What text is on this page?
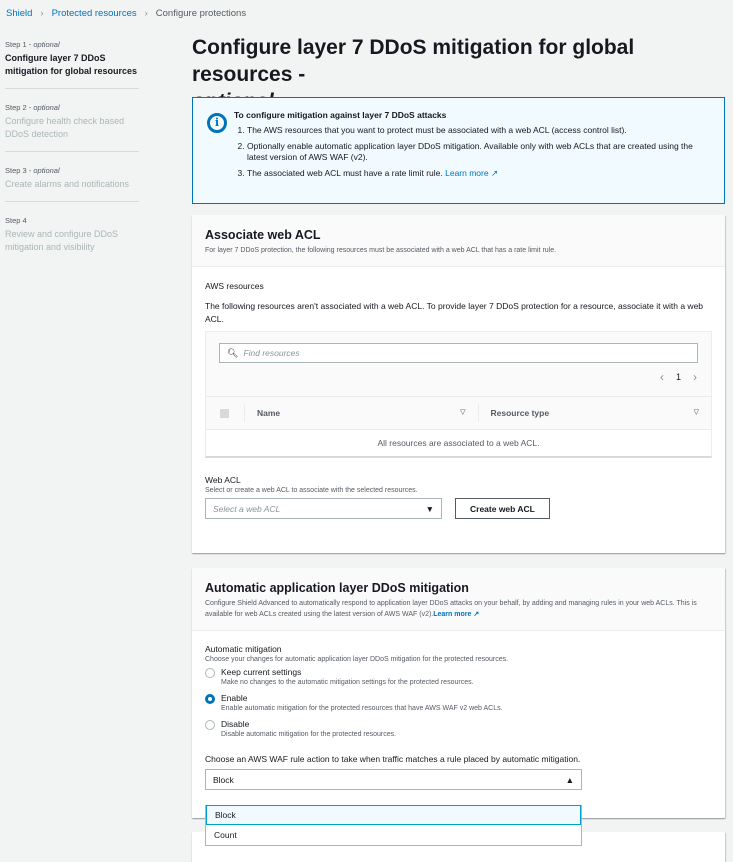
Shield › Protected resources › Configure protections
Step 1 - optional
Configure layer 7 DDoS mitigation for global resources
Step 2 - optional
Configure health check based DDoS detection
Step 3 - optional
Create alarms and notifications
Step 4
Review and configure DDoS mitigation and visibility
Configure layer 7 DDoS mitigation for global resources -

i
To configure mitigation against layer 7 DDoS attacks
1. The AWS resources that you want to protect must be associated with a web ACL (access control list).
2. Optionally enable automatic application layer DDoS mitigation. Available only with web ACLs that are created using the latest version of AWS WAF (v2).
3. The associated web ACL must have a rate limit rule. Learn more ↗
Associate web ACL

For layer 7 DDoS protection, the following resources must be associated with a web ACL that has a rate limit rule.

AWS resources
The following resources aren't associated with a web ACL. To provide layer 7 DDoS protection for a resource, associate it with a web ACL.
🔍︎ Find resources
‹ 1 ›
Name	▽	Resource type	▽
All resources are associated to a web ACL.
Web ACL
Select or create a web ACL to associate with the selected resources.
Select a web ACL	▼	Create web ACL
Automatic application layer DDoS mitigation

Configure Shield Advanced to automatically respond to application layer DDoS attacks on your behalf, by adding and managing rules in your web ACLs. This is available for web ACLs created using the latest version of AWS WAF (v2).Learn more ↗

Automatic mitigation
Choose your changes for automatic application layer DDoS mitigation for the protected resources.
Keep current settings
Make no changes to the automatic mitigation settings for the protected resources.
Enable
Enable automatic mitigation for the protected resources that have AWS WAF v2 web ACLs.
Disable
Disable automatic mitigation for the protected resources.
Choose an AWS WAF rule action to take when traffic matches a rule placed by automatic mitigation.
Block	▲
Block
Count
